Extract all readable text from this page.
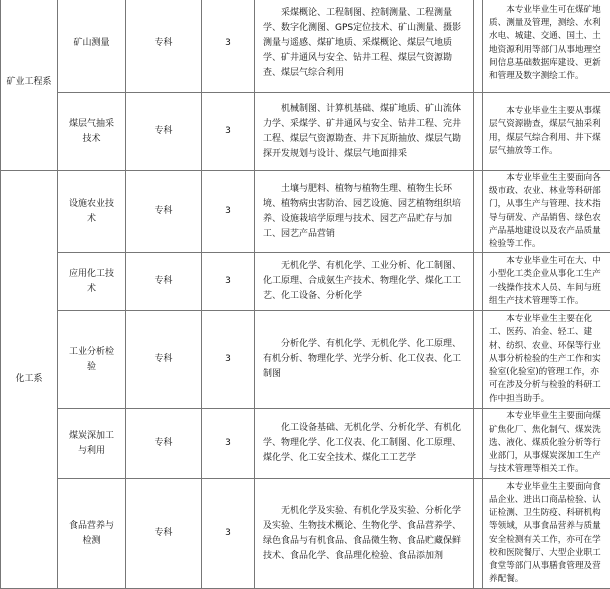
矿业工程系	矿山测量	专科	3	采煤概论、工程制图、控制测量、工程测量学、数字化测图、GPS定位技术、矿山测量、摄影测量与遥感、煤矿地质、采煤概论、煤层气地质学、矿井通风与安全、钻井工程、煤层气资源勘查、煤层气综合利用		本专业毕业生可在煤矿地质、测量及管理，测绘、水利水电、城建、交通、国土、土地资源利用等部门从事地理空间信息基础数据库建设、更新和管理及数字测绘工作。
	煤层气抽采技术	专科	3	机械制图、计算机基础、煤矿地质、矿山流体力学、采煤学、矿井通风与安全、钻井工程、完井工程、煤层气资源勘查、井下瓦斯抽放、煤层气勘探开发规划与设计、煤层气地面排采		本专业毕业生主要从事煤层气资源勘查，煤层气抽采利用，煤层气综合利用、井下煤层气抽放等工作。
化工系	设施农业技术	专科	3	土壤与肥料、植物与植物生理、植物生长环境、植物病虫害防治、园艺设施、园艺植物组织培养、设施栽培学原理与技术、园艺产品贮存与加工、园艺产品营销		本专业毕业生主要面向各级市政、农业、林业等科研部门，从事生产与管理、技术指导与研发、产品销售、绿色农产品基地建设以及农产品质量检验等工作。
	应用化工技术	专科	3	无机化学、有机化学、工业分析、化工制图、化工原理、合成氨生产技术、物理化学、煤化工工艺、化工设备、分析化学		本专业毕业生可在大、中小型化工类企业从事化工生产一线操作技术人员、车间与班组生产技术管理等工作。
	工业分析检验	专科	3	分析化学、有机化学、无机化学、化工原理、有机分析、物理化学、光学分析、化工仪表、化工制图		本专业毕业生主要在化工、医药、冶金、轻工、建材、纺织、农业、环保等行业从事分析检验的生产工作和实验室(化验室)的管理工作，亦可在涉及分析与检验的科研工作中担当助手。
	煤炭深加工与利用	专科	3	化工设备基础、无机化学、分析化学、有机化学、物理化学、化工仪表、化工制图、化工原理、煤化学、化工安全技术、煤化工工艺学		本专业毕业生主要面向煤矿焦化厂、焦化制气、煤炭洗选、液化、煤质化验分析等行业部门，从事煤炭深加工生产与技术管理等相关工作。
	食品营养与检测	专科	3	无机化学及实验、有机化学及实验、分析化学及实验、生物技术概论、生物化学、食品营养学、绿色食品与有机食品、食品微生物、食品贮藏保鲜技术、食品化学、食品理化检验、食品添加剂		本专业毕业生主要面向食品企业、进出口商品检验、认证检测、卫生防疫、科研机构等领域，从事食品营养与质量安全检测有关工作，亦可在学校和医院餐厅、大型企业职工食堂等部门从事膳食管理及营养配餐。
